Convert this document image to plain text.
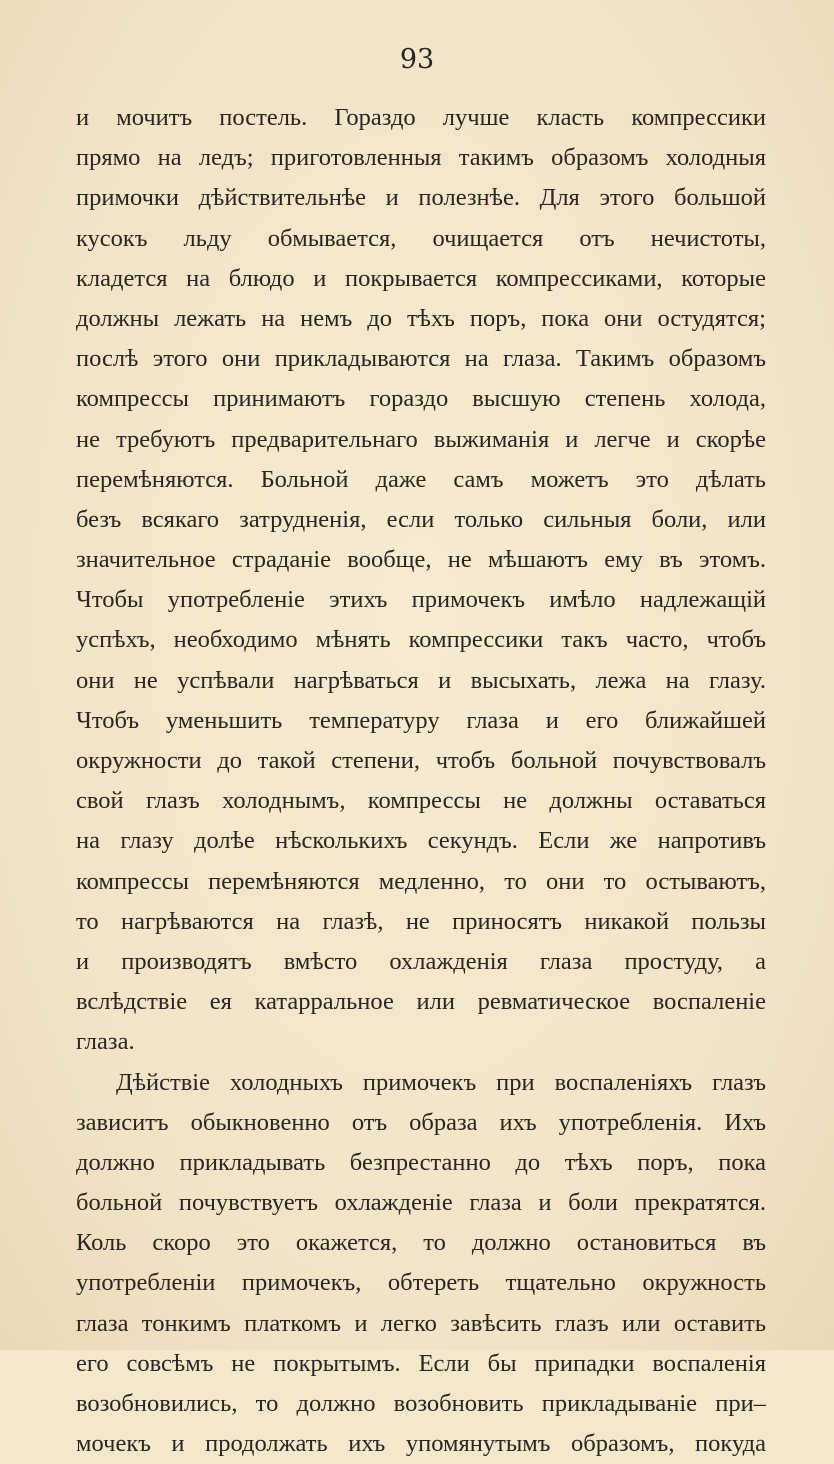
93
и мочитъ постель. Гораздо лучше класть компрессики
прямо на ледъ; приготовленныя такимъ образомъ холодныя
примочки дѣйствительнѣе и полезнѣе. Для этого большой
кусокъ льду обмывается, очищается отъ нечистоты,
кладется на блюдо и покрывается компрессиками, которые
должны лежать на немъ до тѣхъ поръ, пока они остудятся;
послѣ этого они прикладываются на глаза. Такимъ образомъ
компрессы принимаютъ гораздо высшую степень холода,
не требуютъ предварительнаго выжиманія и легче и скорѣе
перемѣняются. Больной даже самъ можетъ это дѣлать
безъ всякаго затрудненія, если только сильныя боли, или
значительное страданіе вообще, не мѣшаютъ ему въ этомъ.
Чтобы употребленіе этихъ примочекъ имѣло надлежащій
успѣхъ, необходимо мѣнять компрессики такъ часто, чтобъ
они не успѣвали нагрѣваться и высыхать, лежа на глазу.
Чтобъ уменьшить температуру глаза и его ближайшей
окружности до такой степени, чтобъ больной почувствовалъ
свой глазъ холоднымъ, компрессы не должны оставаться
на глазу долѣе нѣсколькихъ секундъ. Если же напротивъ
компрессы перемѣняются медленно, то они то остываютъ,
то нагрѣваются на глазѣ, не приносятъ никакой пользы
и производятъ вмѣсто охлажденія глаза простуду, а
вслѣдствіе ея катарральное или ревматическое воспаленіе
глаза.
Дѣйствіе холодныхъ примочекъ при воспаленіяхъ глазъ
зависитъ обыкновенно отъ образа ихъ употребленія. Ихъ
должно прикладывать безпрестанно до тѣхъ поръ, пока
больной почувствуетъ охлажденіе глаза и боли прекратятся.
Коль скоро это окажется, то должно остановиться въ
употребленіи примочекъ, обтереть тщательно окружность
глаза тонкимъ платкомъ и легко завѣсить глазъ или оставить
его совсѣмъ не покрытымъ. Если бы припадки воспаленія
возобновились, то должно возобновить прикладываніе при–
мочекъ и продолжать ихъ упомянутымъ образомъ, покуда
